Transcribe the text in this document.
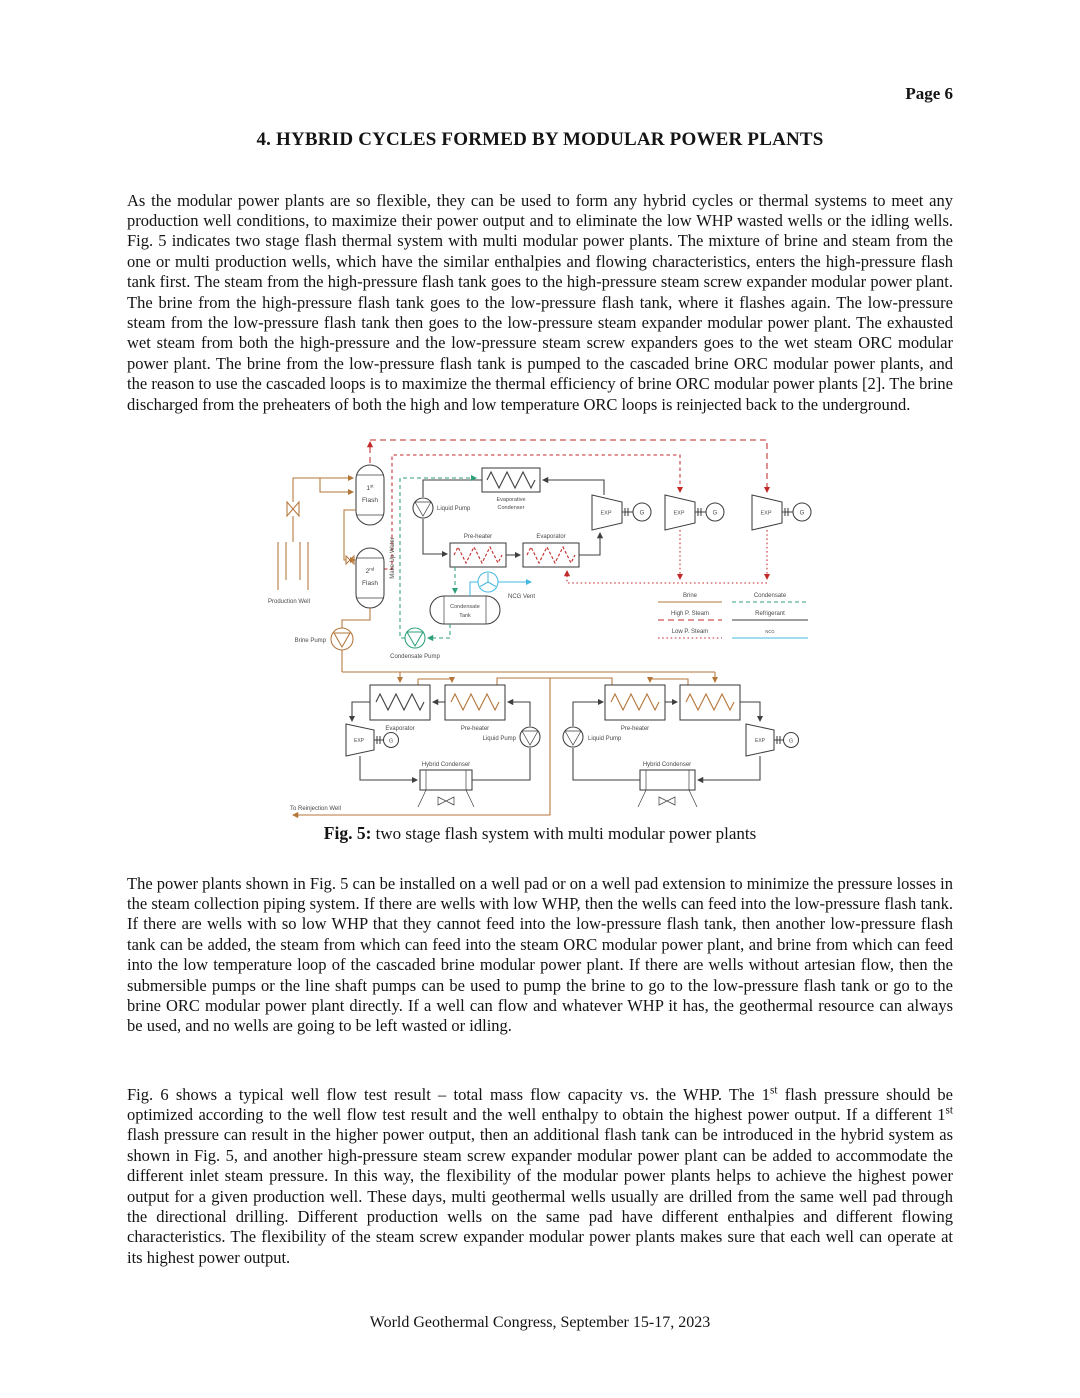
Page 6
4. HYBRID CYCLES FORMED BY MODULAR POWER PLANTS

As the modular power plants are so flexible, they can be used to form any hybrid cycles or thermal systems to meet any production well conditions, to maximize their power output and to eliminate the low WHP wasted wells or the idling wells. Fig. 5 indicates two stage flash thermal system with multi modular power plants. The mixture of brine and steam from the one or multi production wells, which have the similar enthalpies and flowing characteristics, enters the high-pressure flash tank first. The steam from the high-pressure flash tank goes to the high-pressure steam screw expander modular power plant. The brine from the high-pressure flash tank goes to the low-pressure flash tank, where it flashes again. The low-pressure steam from the low-pressure flash tank then goes to the low-pressure steam expander modular power plant. The exhausted wet steam from both the high-pressure and the low-pressure steam screw expanders goes to the wet steam ORC modular power plant. The brine from the low-pressure flash tank is pumped to the cascaded brine ORC modular power plants, and the reason to use the cascaded loops is to maximize the thermal efficiency of brine ORC modular power plants [2]. The brine discharged from the preheaters of both the high and low temperature ORC loops is reinjected back to the underground.

Production Well
1st
Flash
2nd
Flash
Brine Pump
To Reinjection Well
Evaporative
Condenser
Liquid Pump
Pre-heater	Evaporator
EXP	G	EXP	G	EXP	G
Make Up Water
Condensate
Tank
NCG Vent
Condensate Pump
Brine	Condensate
High P. Steam	Refrigerant
Low P. Steam	NCG
Evaporator	Pre-heater
EXP	G	Liquid Pump
Hybrid Condenser
Pre-heater
EXP	G
Liquid Pump
Hybrid Condenser
Fig. 5: two stage flash system with multi modular power plants

The power plants shown in Fig. 5 can be installed on a well pad or on a well pad extension to minimize the pressure losses in the steam collection piping system. If there are wells with low WHP, then the wells can feed into the low-pressure flash tank. If there are wells with so low WHP that they cannot feed into the low-pressure flash tank, then another low-pressure flash tank can be added, the steam from which can feed into the steam ORC modular power plant, and brine from which can feed into the low temperature loop of the cascaded brine modular power plant. If there are wells without artesian flow, then the submersible pumps or the line shaft pumps can be used to pump the brine to go to the low-pressure flash tank or go to the brine ORC modular power plant directly. If a well can flow and whatever WHP it has, the geothermal resource can always be used, and no wells are going to be left wasted or idling.

Fig. 6 shows a typical well flow test result – total mass flow capacity vs. the WHP. The 1st flash pressure should be optimized according to the well flow test result and the well enthalpy to obtain the highest power output. If a different 1st flash pressure can result in the higher power output, then an additional flash tank can be introduced in the hybrid system as shown in Fig. 5, and another high-pressure steam screw expander modular power plant can be added to accommodate the different inlet steam pressure. In this way, the flexibility of the modular power plants helps to achieve the highest power output for a given production well. These days, multi geothermal wells usually are drilled from the same well pad through the directional drilling. Different production wells on the same pad have different enthalpies and different flowing characteristics. The flexibility of the steam screw expander modular power plants makes sure that each well can operate at its highest power output.

World Geothermal Congress, September 15-17, 2023
